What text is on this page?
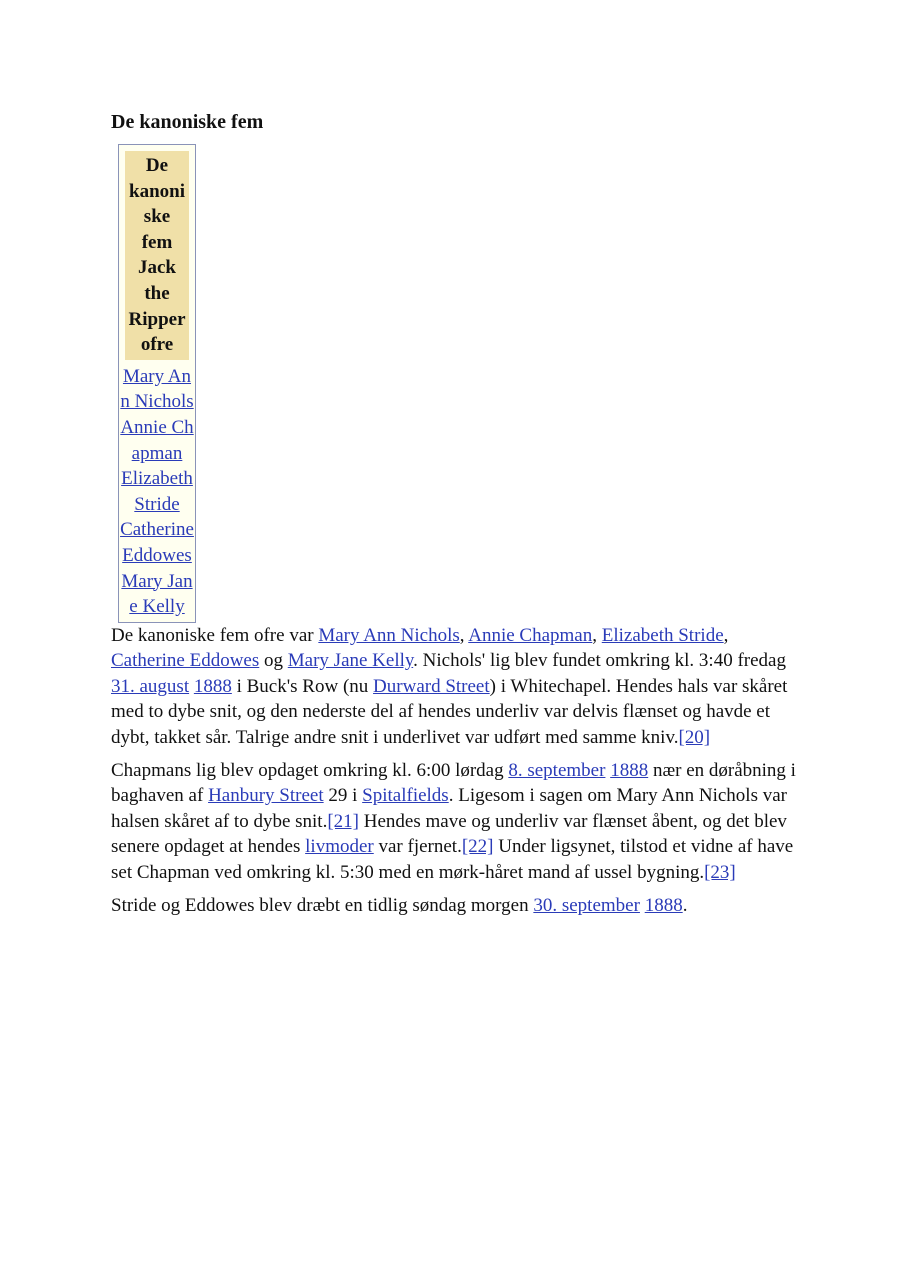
De kanoniske fem
De
kanoni
ske
fem
Jack
the
Ripper
ofre
Mary Ann Nichols
Annie Chapman
Elizabeth Stride
Catherine Eddowes
Mary Jane Kelly

De kanoniske fem ofre var Mary Ann Nichols, Annie Chapman, Elizabeth Stride, Catherine Eddowes og Mary Jane Kelly. Nichols' lig blev fundet omkring kl. 3:40 fredag 31. august 1888 i Buck's Row (nu Durward Street) i Whitechapel. Hendes hals var skåret med to dybe snit, og den nederste del af hendes underliv var delvis flænset og havde et dybt, takket sår. Talrige andre snit i underlivet var udført med samme kniv.[20]

Chapmans lig blev opdaget omkring kl. 6:00 lørdag 8. september 1888 nær en døråbning i baghaven af Hanbury Street 29 i Spitalfields. Ligesom i sagen om Mary Ann Nichols var halsen skåret af to dybe snit.[21] Hendes mave og underliv var flænset åbent, og det blev senere opdaget at hendes livmoder var fjernet.[22] Under ligsynet, tilstod et vidne af have set Chapman ved omkring kl. 5:30 med en mørk-håret mand af ussel bygning.[23]

Stride og Eddowes blev dræbt en tidlig søndag morgen 30. september 1888.
